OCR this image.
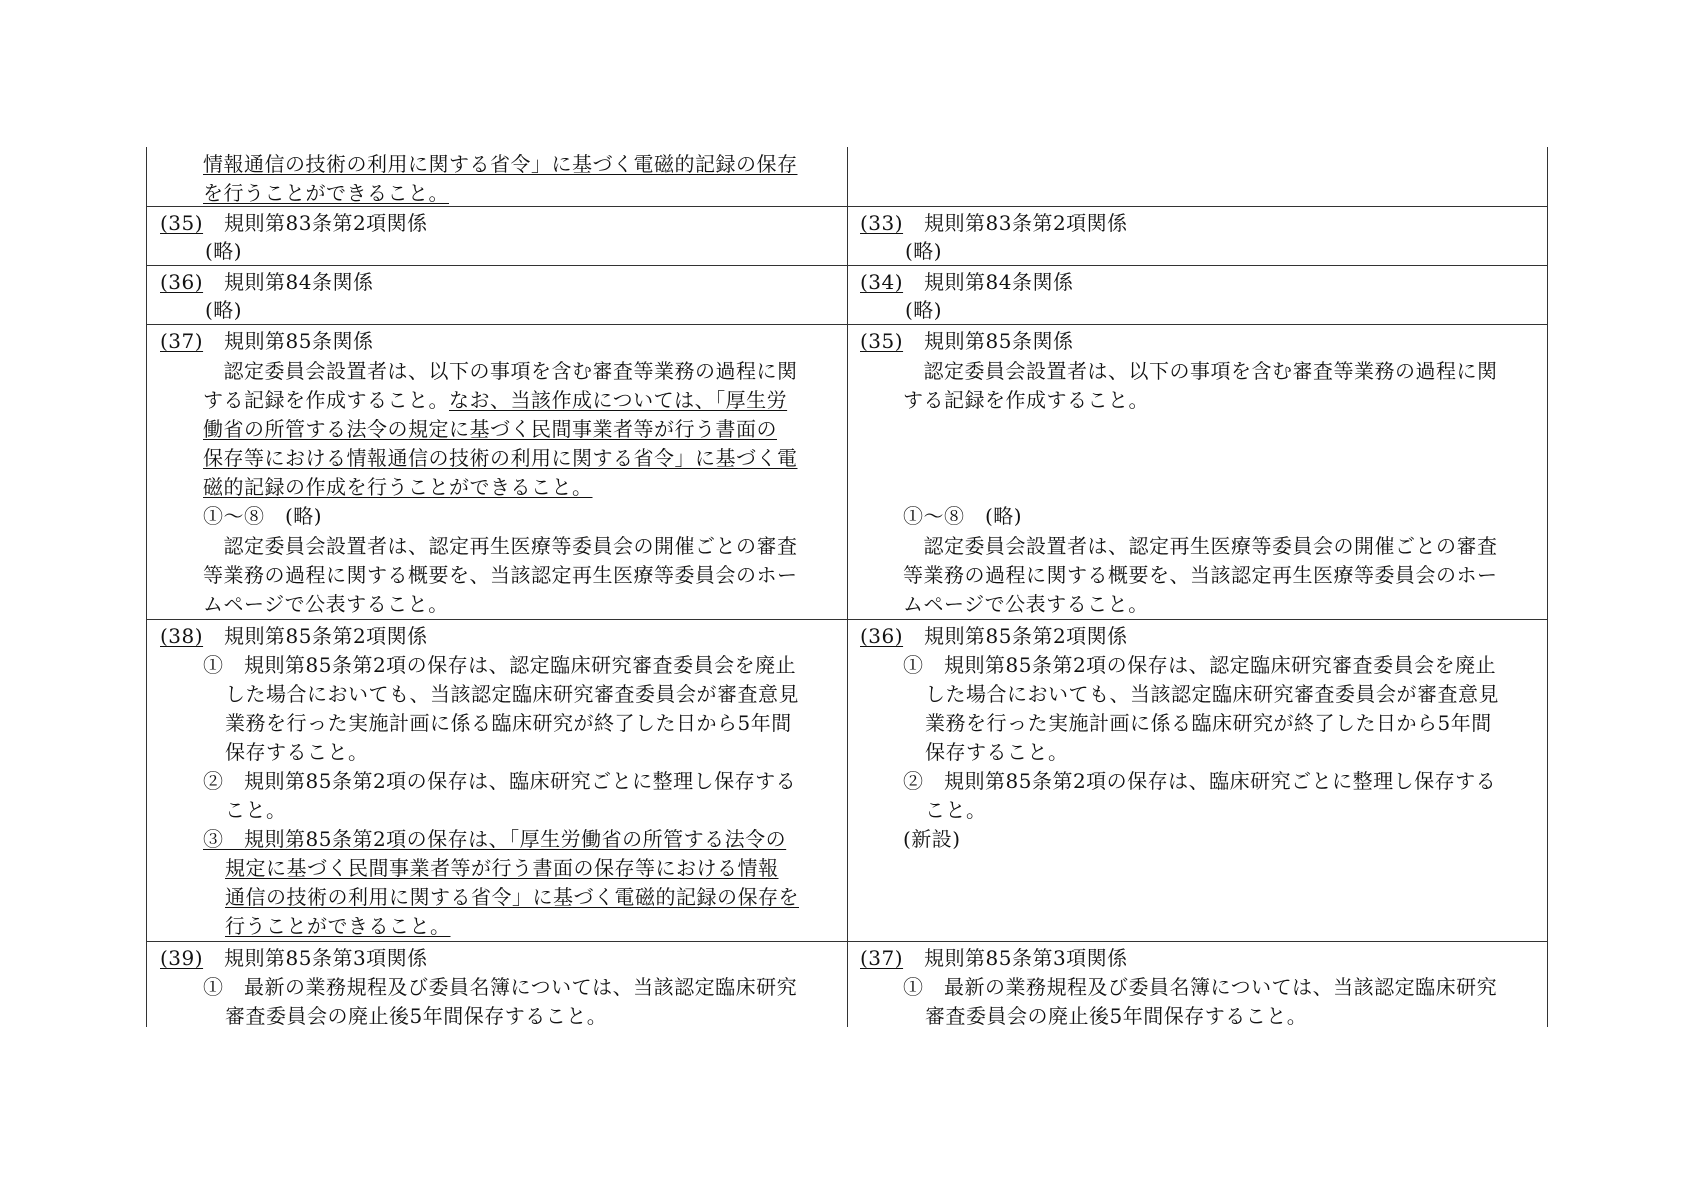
情報通信の技術の利用に関する省令」に基づく電磁的記録の保存
を行うことができること。
(35) 規則第83条第2項関係
(略)
(36) 規則第84条関係
(略)
(37) 規則第85条関係
　認定委員会設置者は、以下の事項を含む審査等業務の過程に関
する記録を作成すること。なお、当該作成については、「厚生労
働省の所管する法令の規定に基づく民間事業者等が行う書面の
保存等における情報通信の技術の利用に関する省令」に基づく電
磁的記録の作成を行うことができること。
①～⑧　(略)
　認定委員会設置者は、認定再生医療等委員会の開催ごとの審査
等業務の過程に関する概要を、当該認定再生医療等委員会のホー
ムページで公表すること。
(38) 規則第85条第2項関係
①　規則第85条第2項の保存は、認定臨床研究審査委員会を廃止
した場合においても、当該認定臨床研究審査委員会が審査意見
業務を行った実施計画に係る臨床研究が終了した日から5年間
保存すること。
②　規則第85条第2項の保存は、臨床研究ごとに整理し保存する
こと。
③　規則第85条第2項の保存は、「厚生労働省の所管する法令の
規定に基づく民間事業者等が行う書面の保存等における情報
通信の技術の利用に関する省令」に基づく電磁的記録の保存を
行うことができること。
(39) 規則第85条第3項関係
①　最新の業務規程及び委員名簿については、当該認定臨床研究
審査委員会の廃止後5年間保存すること。
(33) 規則第83条第2項関係
(略)
(34) 規則第84条関係
(略)
(35) 規則第85条関係
　認定委員会設置者は、以下の事項を含む審査等業務の過程に関
する記録を作成すること。
①～⑧　(略)
　認定委員会設置者は、認定再生医療等委員会の開催ごとの審査
等業務の過程に関する概要を、当該認定再生医療等委員会のホー
ムページで公表すること。
(36) 規則第85条第2項関係
①　規則第85条第2項の保存は、認定臨床研究審査委員会を廃止
した場合においても、当該認定臨床研究審査委員会が審査意見
業務を行った実施計画に係る臨床研究が終了した日から5年間
保存すること。
②　規則第85条第2項の保存は、臨床研究ごとに整理し保存する
こと。
(新設)
(37) 規則第85条第3項関係
①　最新の業務規程及び委員名簿については、当該認定臨床研究
審査委員会の廃止後5年間保存すること。
